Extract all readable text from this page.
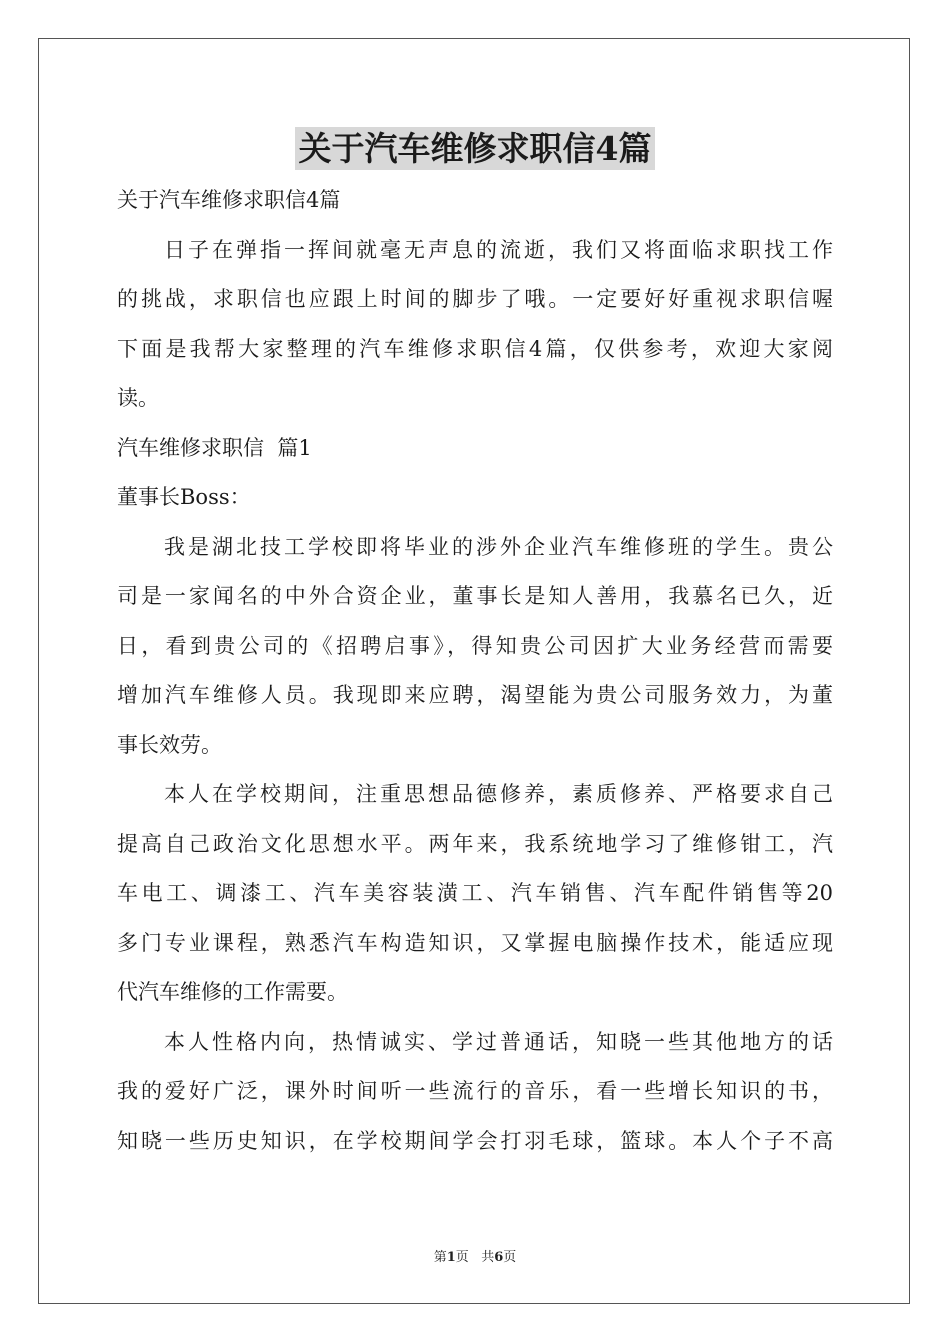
关于汽车维修求职信4篇

关于汽车维修求职信4篇

日子在弹指一挥间就毫无声息的流逝，我们又将面临求职找工作

的挑战，求职信也应跟上时间的脚步了哦。一定要好好重视求职信喔

下面是我帮大家整理的汽车维修求职信4篇，仅供参考，欢迎大家阅

读。

汽车维修求职信  篇1

董事长Boss：

我是湖北技工学校即将毕业的涉外企业汽车维修班的学生。贵公

司是一家闻名的中外合资企业，董事长是知人善用，我慕名已久，近

日，看到贵公司的《招聘启事》，得知贵公司因扩大业务经营而需要

增加汽车维修人员。我现即来应聘，渴望能为贵公司服务效力，为董

事长效劳。

本人在学校期间，注重思想品德修养，素质修养、严格要求自己

提高自己政治文化思想水平。两年来，我系统地学习了维修钳工，汽

车电工、调漆工、汽车美容装潢工、汽车销售、汽车配件销售等20

多门专业课程，熟悉汽车构造知识，又掌握电脑操作技术，能适应现

代汽车维修的工作需要。

本人性格内向，热情诚实、学过普通话，知晓一些其他地方的话

我的爱好广泛，课外时间听一些流行的音乐，看一些增长知识的书，

知晓一些历史知识，在学校期间学会打羽毛球，篮球。本人个子不高

第1页 共6页
